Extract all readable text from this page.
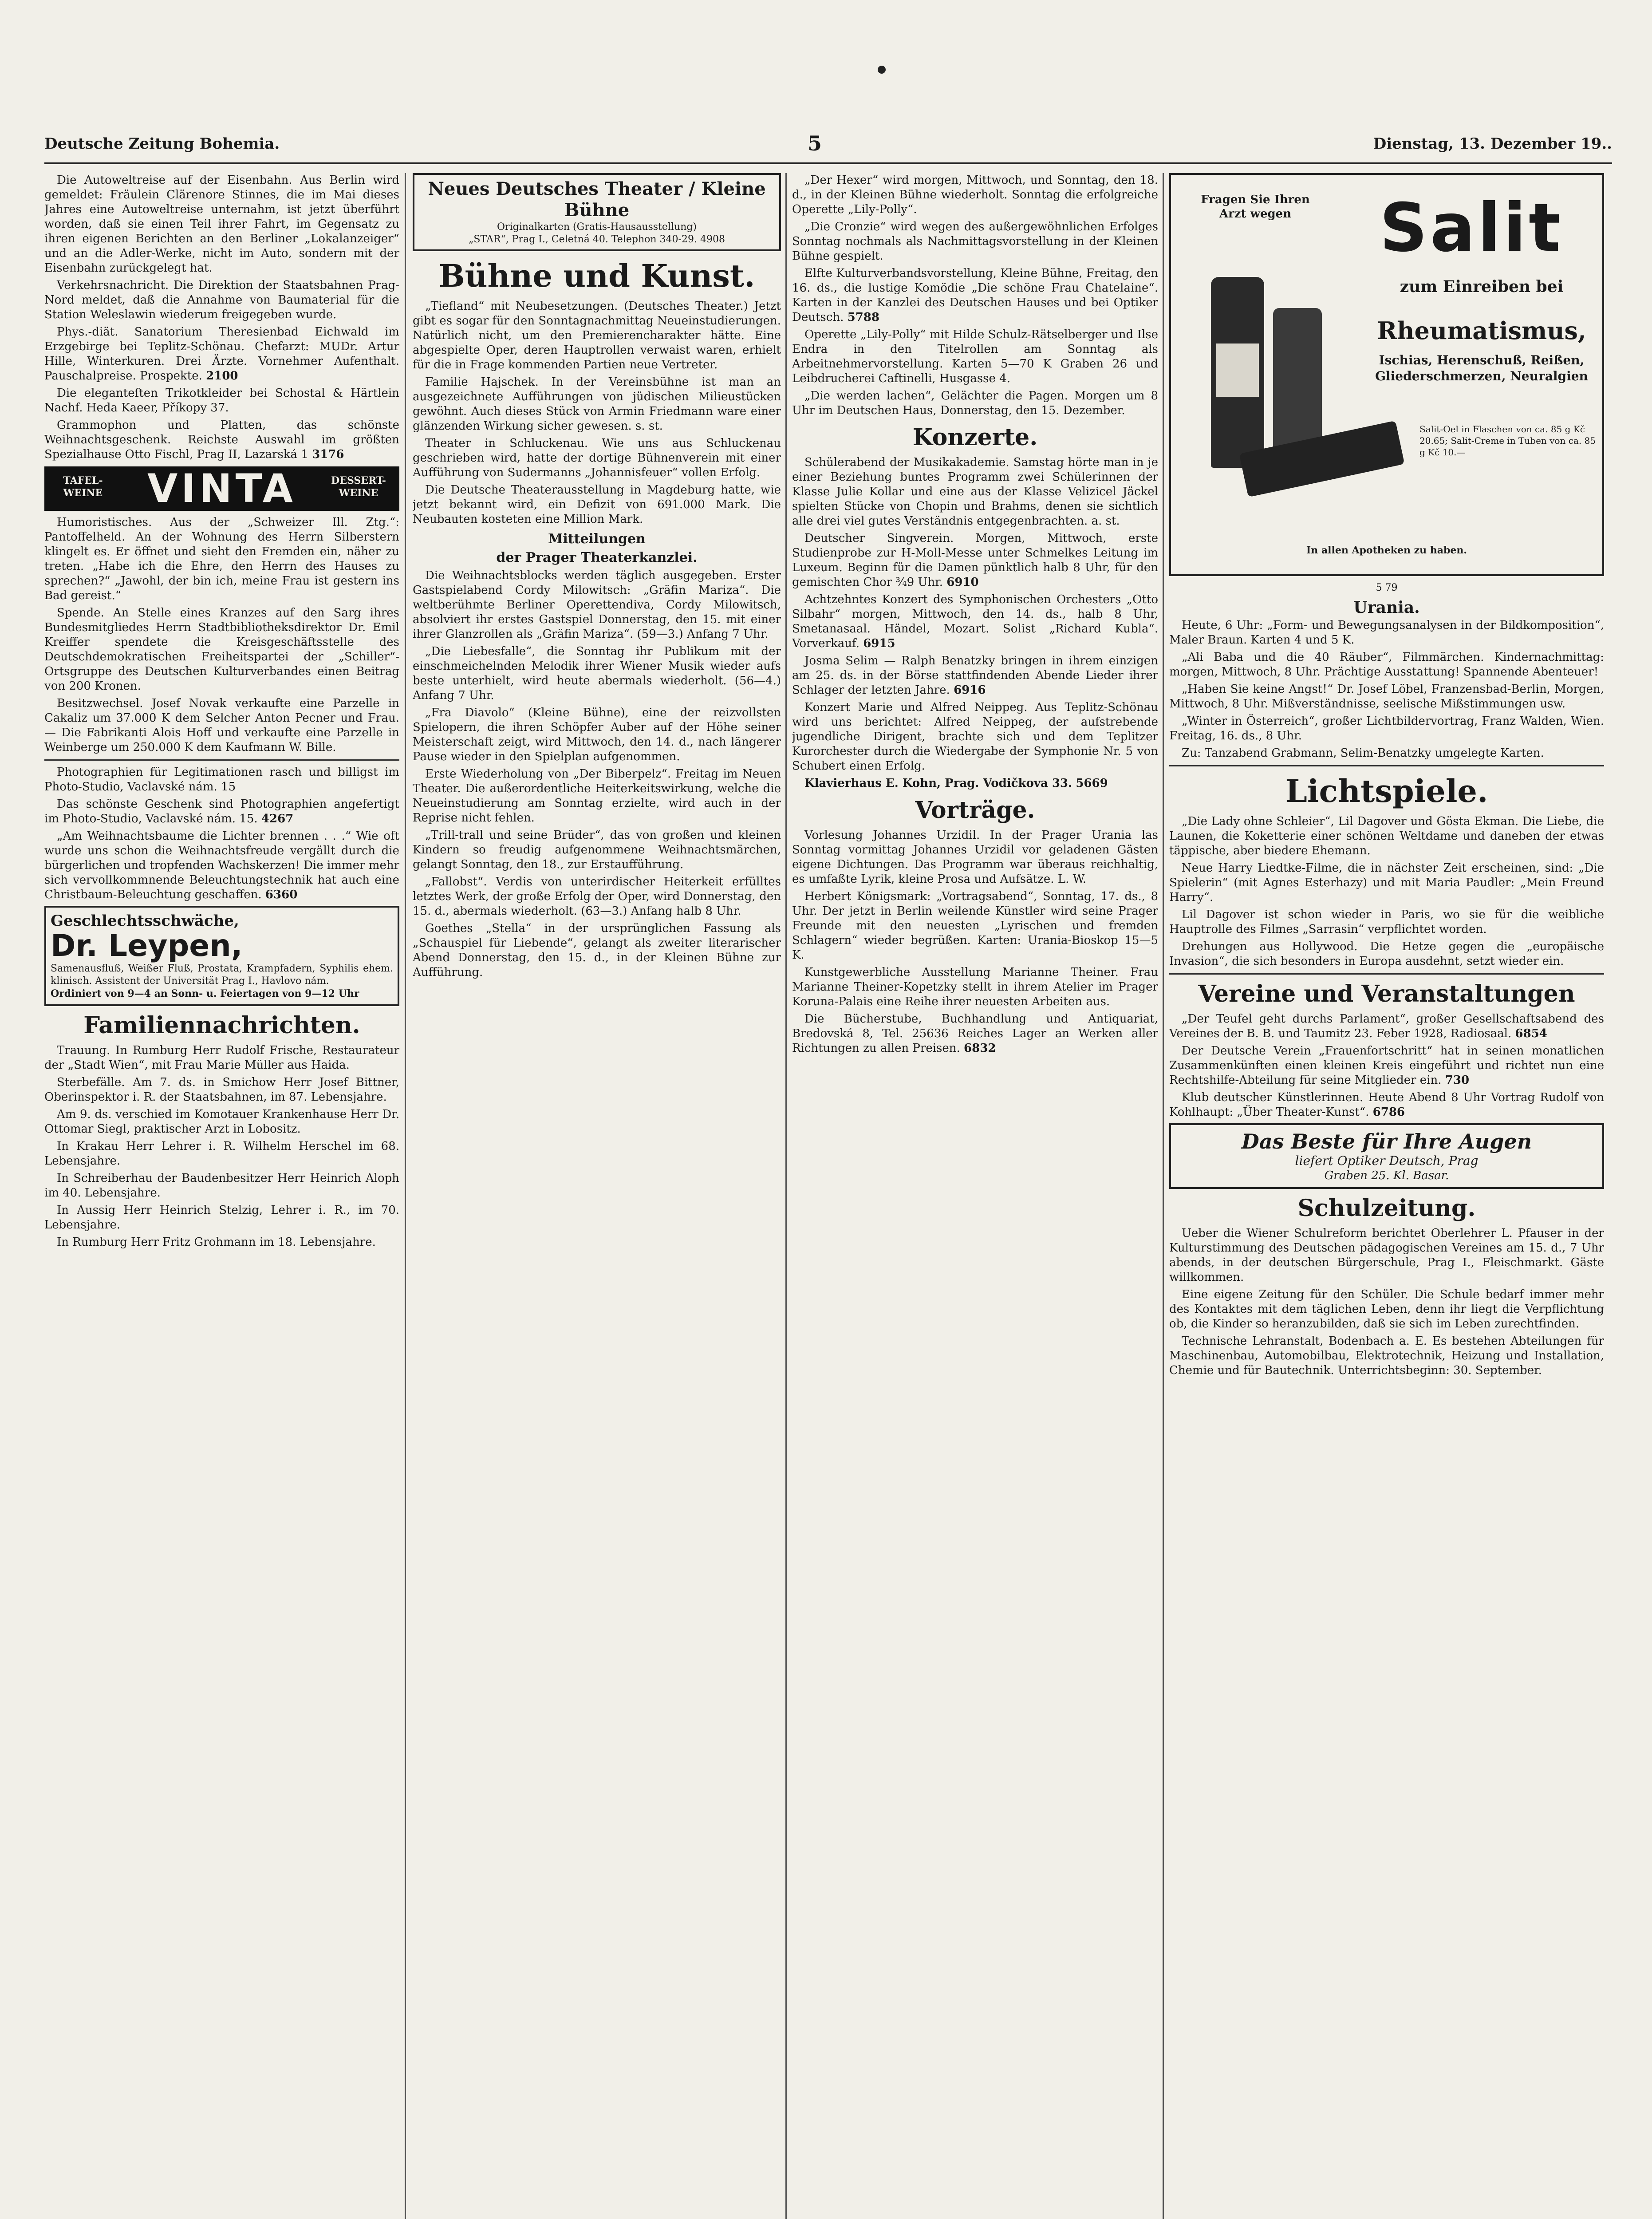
Deutsche Zeitung Bohemia.	5	Dienstag, 13. Dezember 19..

Die Autoweltreise auf der Eisenbahn. Aus Berlin wird gemeldet: Fräulein Clärenore Stinnes, die im Mai dieses Jahres eine Autoweltreise unternahm, ist jetzt überführt worden, daß sie einen Teil ihrer Fahrt, im Gegensatz zu ihren eigenen Berichten an den Berliner „Lokalanzeiger“ und an die Adler-Werke, nicht im Auto, sondern mit der Eisenbahn zurückgelegt hat.

Verkehrsnachricht. Die Direktion der Staatsbahnen Prag-Nord meldet, daß die Annahme von Baumaterial für die Station Weleslawin wiederum freigegeben wurde.

Phys.-diät. Sanatorium Theresienbad Eichwald im Erzgebirge bei Teplitz-Schönau. Chefarzt: MUDr. Artur Hille, Winterkuren. Drei Ärzte. Vornehmer Aufenthalt. Pauschalpreise. Prospekte. 2100

Die eleganteſten Trikotkleider bei Schostal & Härtlein Nachf. Heda Kaeer, Příkopy 37.

Grammophon und Platten, das schönste Weihnachtsgeschenk. Reichste Auswahl im größten Spezialhause Otto Fischl, Prag II, Lazarská 1 3176

TAFEL-WEINE	VINTA	DESSERT-WEINE

Humoristisches. Aus der „Schweizer Ill. Ztg.“: Pantoffelheld. An der Wohnung des Herrn Silberstern klingelt es. Er öffnet und sieht den Fremden ein, näher zu treten. „Habe ich die Ehre, den Herrn des Hauses zu sprechen?“ „Jawohl, der bin ich, meine Frau ist gestern ins Bad gereist.“

Spende. An Stelle eines Kranzes auf den Sarg ihres Bundesmitgliedes Herrn Stadtbibliotheksdirektor Dr. Emil Kreiffer spendete die Kreisgeschäftsstelle des Deutschdemokratischen Freiheitspartei der „Schiller“-Ortsgruppe des Deutschen Kulturverbandes einen Beitrag von 200 Kronen.

Besitzwechsel. Josef Novak verkaufte eine Parzelle in Cakaliz um 37.000 K dem Selcher Anton Pecner und Frau. — Die Fabrikanti Alois Hoff und verkaufte eine Parzelle in Weinberge um 250.000 K dem Kaufmann W. Bille.

Photographien für Legitimationen rasch und billigst im Photo-Studio, Vaclavské nám. 15

Das schönste Geschenk sind Photographien angefertigt im Photo-Studio, Vaclavské nám. 15. 4267

„Am Weihnachtsbaume die Lichter brennen . . .“ Wie oft wurde uns schon die Weihnachtsfreude vergällt durch die bürgerlichen und tropfenden Wachskerzen! Die immer mehr sich vervollkommnende Beleuchtungstechnik hat auch eine Christbaum-Beleuchtung geschaffen. 6360

Geschlechtsschwäche,
Dr. Leypen,
Samenausfluß, Weißer Fluß, Prostata, Krampfadern, Syphilis ehem. klinisch. Assistent der Universität Prag I., Havlovo nám.
Ordiniert von 9—4 an Sonn- u. Feiertagen von 9—12 Uhr
Familiennachrichten.

Trauung. In Rumburg Herr Rudolf Frische, Restaurateur der „Stadt Wien“, mit Frau Marie Müller aus Haida.

Sterbefälle. Am 7. ds. in Smichow Herr Josef Bittner, Oberinspektor i. R. der Staatsbahnen, im 87. Lebensjahre.

Am 9. ds. verschied im Komotauer Krankenhause Herr Dr. Ottomar Siegl, praktischer Arzt in Lobositz.

In Krakau Herr Lehrer i. R. Wilhelm Herschel im 68. Lebensjahre.

In Schreiberhau der Baudenbesitzer Herr Heinrich Aloph im 40. Lebensjahre.

In Aussig Herr Heinrich Stelzig, Lehrer i. R., im 70. Lebensjahre.

In Rumburg Herr Fritz Grohmann im 18. Lebensjahre.

Neues Deutsches Theater / Kleine Bühne
Originalkarten (Gratis-Hausausstellung)
„STAR“, Prag I., Celetná 40. Telephon 340-29. 4908
Bühne und Kunst.

„Tiefland“ mit Neubesetzungen. (Deutsches Theater.) Jetzt gibt es sogar für den Sonntagnachmittag Neueinstudierungen. Natürlich nicht, um den Premierencharakter hätte. Eine abgespielte Oper, deren Hauptrollen verwaist waren, erhielt für die in Frage kommenden Partien neue Vertreter.

Familie Hajschek. In der Vereinsbühne ist man an ausgezeichnete Aufführungen von jüdischen Milieustücken gewöhnt. Auch dieses Stück von Armin Friedmann ware einer glänzenden Wirkung sicher gewesen. s. st.

Theater in Schluckenau. Wie uns aus Schluckenau geschrieben wird, hatte der dortige Bühnenverein mit einer Aufführung von Sudermanns „Johannisfeuer“ vollen Erfolg.

Die Deutsche Theaterausstellung in Magdeburg hatte, wie jetzt bekannt wird, ein Defizit von 691.000 Mark. Die Neubauten kosteten eine Million Mark.

Mitteilungen
der Prager Theaterkanzlei.

Die Weihnachtsblocks werden täglich ausgegeben. Erster Gastspielabend Cordy Milowitsch: „Gräfin Mariza“. Die weltberühmte Berliner Operettendiva, Cordy Milowitsch, absolviert ihr erstes Gastspiel Donnerstag, den 15. mit einer ihrer Glanzrollen als „Gräfin Mariza“. (59—3.) Anfang 7 Uhr.

„Die Liebesfalle“, die Sonntag ihr Publikum mit der einschmeichelnden Melodik ihrer Wiener Musik wieder aufs beste unterhielt, wird heute abermals wiederholt. (56—4.) Anfang 7 Uhr.

„Fra Diavolo“ (Kleine Bühne), eine der reizvollsten Spielopern, die ihren Schöpfer Auber auf der Höhe seiner Meisterschaft zeigt, wird Mittwoch, den 14. d., nach längerer Pause wieder in den Spielplan aufgenommen.

Erste Wiederholung von „Der Biberpelz“. Freitag im Neuen Theater. Die außerordentliche Heiterkeitswirkung, welche die Neueinstudierung am Sonntag erzielte, wird auch in der Reprise nicht fehlen.

„Trill-trall und seine Brüder“, das von großen und kleinen Kindern so freudig aufgenommene Weihnachtsmärchen, gelangt Sonntag, den 18., zur Erstaufführung.

„Fallobst“. Verdis von unterirdischer Heiterkeit erfülltes letztes Werk, der große Erfolg der Oper, wird Donnerstag, den 15. d., abermals wiederholt. (63—3.) Anfang halb 8 Uhr.

Goethes „Stella“ in der ursprünglichen Fassung als „Schauspiel für Liebende“, gelangt als zweiter literarischer Abend Donnerstag, den 15. d., in der Kleinen Bühne zur Aufführung.

„Der Hexer“ wird morgen, Mittwoch, und Sonntag, den 18. d., in der Kleinen Bühne wiederholt. Sonntag die erfolgreiche Operette „Lily-Polly“.

„Die Cronzie“ wird wegen des außergewöhnlichen Erfolges Sonntag nochmals als Nachmittagsvorstellung in der Kleinen Bühne gespielt.

Elfte Kulturverbandsvorstellung, Kleine Bühne, Freitag, den 16. ds., die lustige Komödie „Die schöne Frau Chatelaine“. Karten in der Kanzlei des Deutschen Hauses und bei Optiker Deutsch. 5788

Operette „Lily-Polly“ mit Hilde Schulz-Rätselberger und Ilse Endra in den Titelrollen am Sonntag als Arbeitnehmervorstellung. Karten 5—70 K Graben 26 und Leibdrucherei Caftinelli, Husgasse 4.

„Die werden lachen“, Gelächter die Pagen. Morgen um 8 Uhr im Deutschen Haus, Donnerstag, den 15. Dezember.

Konzerte.

Schülerabend der Musikakademie. Samstag hörte man in je einer Beziehung buntes Programm zwei Schülerinnen der Klasse Julie Kollar und eine aus der Klasse Velizicel Jäckel spielten Stücke von Chopin und Brahms, denen sie sichtlich alle drei viel gutes Verständnis entgegenbrachten. a. st.

Deutscher Singverein. Morgen, Mittwoch, erste Studienprobe zur H-Moll-Messe unter Schmelkes Leitung im Luxeum. Beginn für die Damen pünktlich halb 8 Uhr, für den gemischten Chor ¾9 Uhr. 6910

Achtzehntes Konzert des Symphonischen Orchesters „Otto Silbahr“ morgen, Mittwoch, den 14. ds., halb 8 Uhr, Smetanasaal. Händel, Mozart. Solist „Richard Kubla“. Vorverkauf. 6915

Josma Selim — Ralph Benatzky bringen in ihrem einzigen am 25. ds. in der Börse stattfindenden Abende Lieder ihrer Schlager der letzten Jahre. 6916

Konzert Marie und Alfred Neippeg. Aus Teplitz-Schönau wird uns berichtet: Alfred Neippeg, der aufstrebende jugendliche Dirigent, brachte sich und dem Teplitzer Kurorchester durch die Wiedergabe der Symphonie Nr. 5 von Schubert einen Erfolg.

Klavierhaus E. Kohn, Prag. Vodičkova 33. 5669

Vorträge.

Vorlesung Johannes Urzidil. In der Prager Urania las Sonntag vormittag Johannes Urzidil vor geladenen Gästen eigene Dichtungen. Das Programm war überaus reichhaltig, es umfaßte Lyrik, kleine Prosa und Aufsätze. L. W.

Herbert Königsmark: „Vortragsabend“, Sonntag, 17. ds., 8 Uhr. Der jetzt in Berlin weilende Künstler wird seine Prager Freunde mit den neuesten „Lyrischen und fremden Schlagern“ wieder begrüßen. Karten: Urania-Bioskop 15—5 K.

Kunstgewerbliche Ausstellung Marianne Theiner. Frau Marianne Theiner-Kopetzky stellt in ihrem Atelier im Prager Koruna-Palais eine Reihe ihrer neuesten Arbeiten aus.

Die Bücherstube, Buchhandlung und Antiquariat, Bredovská 8, Tel. 25636 Reiches Lager an Werken aller Richtungen zu allen Preisen. 6832

Fragen Sie Ihren Arzt wegen	Salit
zum Einreiben bei
Rheumatismus,
Ischias, Herenschuß, Reißen, Gliederschmerzen, Neuralgien
Salit-Oel in Flaschen von ca. 85 g Kč 20.65; Salit-Creme in Tuben von ca. 85 g Kč 10.—
In allen Apotheken zu haben.

5 79

Urania.

Heute, 6 Uhr: „Form- und Bewegungsanalysen in der Bildkomposition“, Maler Braun. Karten 4 und 5 K.

„Ali Baba und die 40 Räuber“, Filmmärchen. Kindernachmittag: morgen, Mittwoch, 8 Uhr. Prächtige Ausstattung! Spannende Abenteuer!

„Haben Sie keine Angst!“ Dr. Josef Löbel, Franzensbad-Berlin, Morgen, Mittwoch, 8 Uhr. Mißverständnisse, seelische Mißstimmungen usw.

„Winter in Österreich“, großer Lichtbildervortrag, Franz Walden, Wien. Freitag, 16. ds., 8 Uhr.

Zu: Tanzabend Grabmann, Selim-Benatzky umgelegte Karten.

Lichtspiele.

„Die Lady ohne Schleier“, Lil Dagover und Gösta Ekman. Die Liebe, die Launen, die Koketterie einer schönen Weltdame und daneben der etwas täppische, aber biedere Ehemann.

Neue Harry Liedtke-Filme, die in nächster Zeit erscheinen, sind: „Die Spielerin“ (mit Agnes Esterhazy) und mit Maria Paudler: „Mein Freund Harry“.

Lil Dagover ist schon wieder in Paris, wo sie für die weibliche Hauptrolle des Filmes „Sarrasin“ verpflichtet worden.

Drehungen aus Hollywood. Die Hetze gegen die „europäische Invasion“, die sich besonders in Europa ausdehnt, setzt wieder ein.

Vereine und Veranstaltungen

„Der Teufel geht durchs Parlament“, großer Gesellschaftsabend des Vereines der B. B. und Taumitz 23. Feber 1928, Radiosaal. 6854

Der Deutsche Verein „Frauenfortschritt“ hat in seinen monatlichen Zusammenkünften einen kleinen Kreis eingeführt und richtet nun eine Rechtshilfe-Abteilung für seine Mitglieder ein. 730

Klub deutscher Künstlerinnen. Heute Abend 8 Uhr Vortrag Rudolf von Kohlhaupt: „Über Theater-Kunst“. 6786

Das Beste für Ihre Augen
liefert Optiker Deutsch, Prag
Graben 25. Kl. Basar.
Schulzeitung.

Ueber die Wiener Schulreform berichtet Oberlehrer L. Pfauser in der Kulturstimmung des Deutschen pädagogischen Vereines am 15. d., 7 Uhr abends, in der deutschen Bürgerschule, Prag I., Fleischmarkt. Gäste willkommen.

Eine eigene Zeitung für den Schüler. Die Schule bedarf immer mehr des Kontaktes mit dem täglichen Leben, denn ihr liegt die Verpflichtung ob, die Kinder so heranzubilden, daß sie sich im Leben zurechtfinden.

Technische Lehranstalt, Bodenbach a. E. Es bestehen Abteilungen für Maschinenbau, Automobilbau, Elektrotechnik, Heizung und Installation, Chemie und für Bautechnik. Unterrichtsbeginn: 30. September.
